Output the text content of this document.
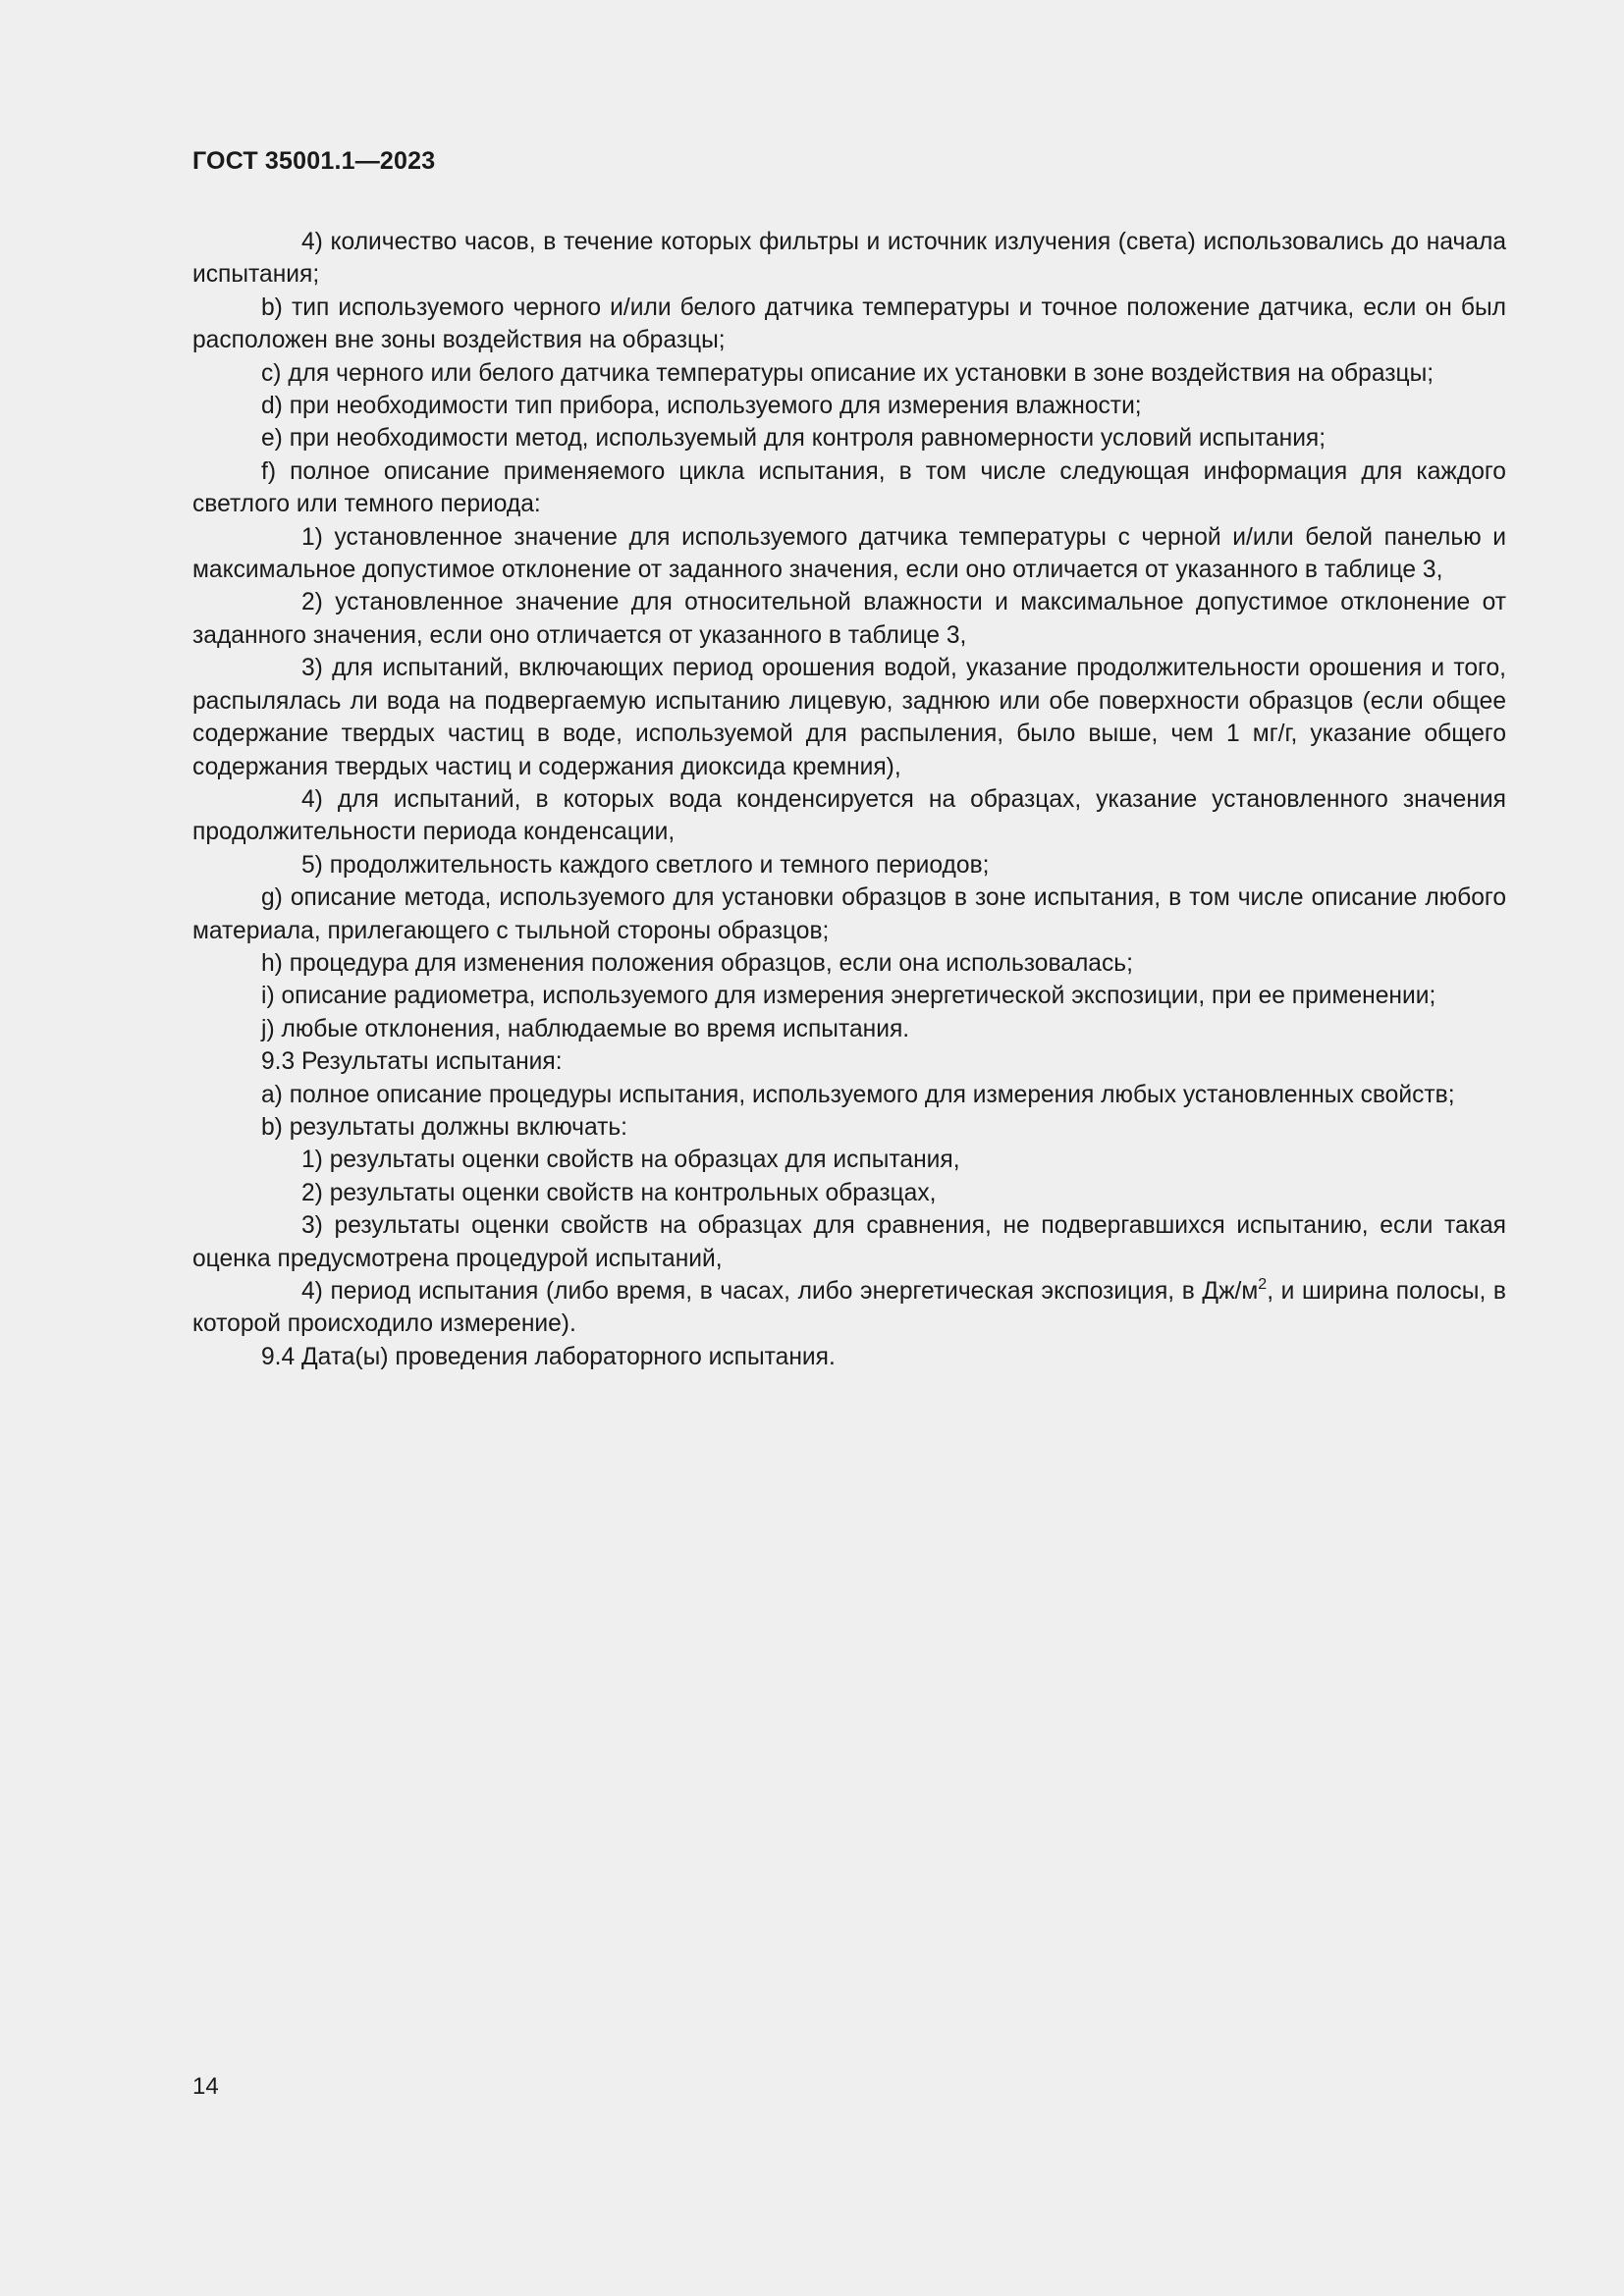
ГОСТ 35001.1—2023

4) количество часов, в течение которых фильтры и источник излучения (света) использовались до начала испытания;

b) тип используемого черного и/или белого датчика температуры и точное положение датчика, если он был расположен вне зоны воздействия на образцы;

c) для черного или белого датчика температуры описание их установки в зоне воздействия на образцы;

d) при необходимости тип прибора, используемого для измерения влажности;

e) при необходимости метод, используемый для контроля равномерности условий испытания;

f) полное описание применяемого цикла испытания, в том числе следующая информация для каждого светлого или темного периода:

1) установленное значение для используемого датчика температуры с черной и/или белой панелью и максимальное допустимое отклонение от заданного значения, если оно отличается от указанного в таблице 3,

2) установленное значение для относительной влажности и максимальное допустимое отклонение от заданного значения, если оно отличается от указанного в таблице 3,

3) для испытаний, включающих период орошения водой, указание продолжительности орошения и того, распылялась ли вода на подвергаемую испытанию лицевую, заднюю или обе поверхности образцов (если общее содержание твердых частиц в воде, используемой для распыления, было выше, чем 1 мг/г, указание общего содержания твердых частиц и содержания диоксида кремния),

4) для испытаний, в которых вода конденсируется на образцах, указание установленного значения продолжительности периода конденсации,

5) продолжительность каждого светлого и темного периодов;

g) описание метода, используемого для установки образцов в зоне испытания, в том числе описание любого материала, прилегающего с тыльной стороны образцов;

h) процедура для изменения положения образцов, если она использовалась;

i) описание радиометра, используемого для измерения энергетической экспозиции, при ее применении;

j) любые отклонения, наблюдаемые во время испытания.

9.3 Результаты испытания:

a) полное описание процедуры испытания, используемого для измерения любых установленных свойств;

b) результаты должны включать:

1) результаты оценки свойств на образцах для испытания,

2) результаты оценки свойств на контрольных образцах,

3) результаты оценки свойств на образцах для сравнения, не подвергавшихся испытанию, если такая оценка предусмотрена процедурой испытаний,

4) период испытания (либо время, в часах, либо энергетическая экспозиция, в $Дж/м^2$, и ширина полосы, в которой происходило измерение).

9.4 Дата(ы) проведения лабораторного испытания.

14
